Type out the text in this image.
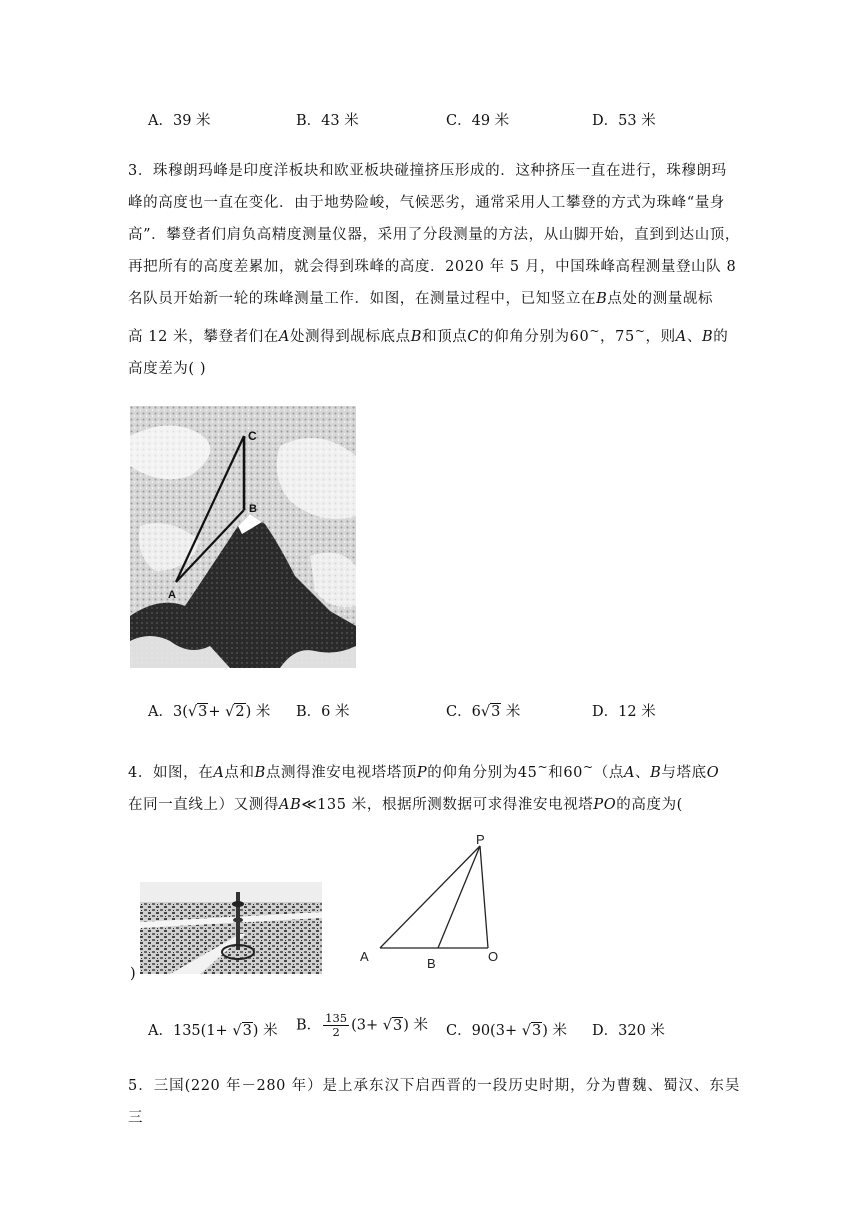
A．39 米	B．43 米	C．49 米	D．53 米

3．珠穆朗玛峰是印度洋板块和欧亚板块碰撞挤压形成的．这种挤压一直在进行，珠穆朗玛

峰的高度也一直在变化．由于地势险峻，气候恶劣，通常采用人工攀登的方式为珠峰“量身

高”．攀登者们肩负高精度测量仪器，采用了分段测量的方法，从山脚开始，直到到达山顶，

再把所有的高度差累加，就会得到珠峰的高度．2020 年 5 月，中国珠峰高程测量登山队 8

名队员开始新一轮的珠峰测量工作．如图，在测量过程中，已知竖立在B点处的测量觇标

高 12 米，攀登者们在A处测得到觇标底点B和顶点C的仰角分别为60~，75~，则A、B的

高度差为( )

C
B
A
A．3(√3+ √2) 米 B．6 米	C．6√3 米	D．12 米

4．如图，在A点和B点测得淮安电视塔塔顶P的仰角分别为45~和60~（点A、B与塔底O

在同一直线上）又测得AB≪135 米，根据所测数据可求得淮安电视塔PO的高度为(

P
A	B	O
)
A．135(1+ √3) 米 B． $\frac{135}{2} (3+ √3)$ 米 C．90(3+ √3) 米 D．320 米

5．三国(220 年－280 年）是上承东汉下启西晋的一段历史时期，分为曹魏、蜀汉、东吴三
